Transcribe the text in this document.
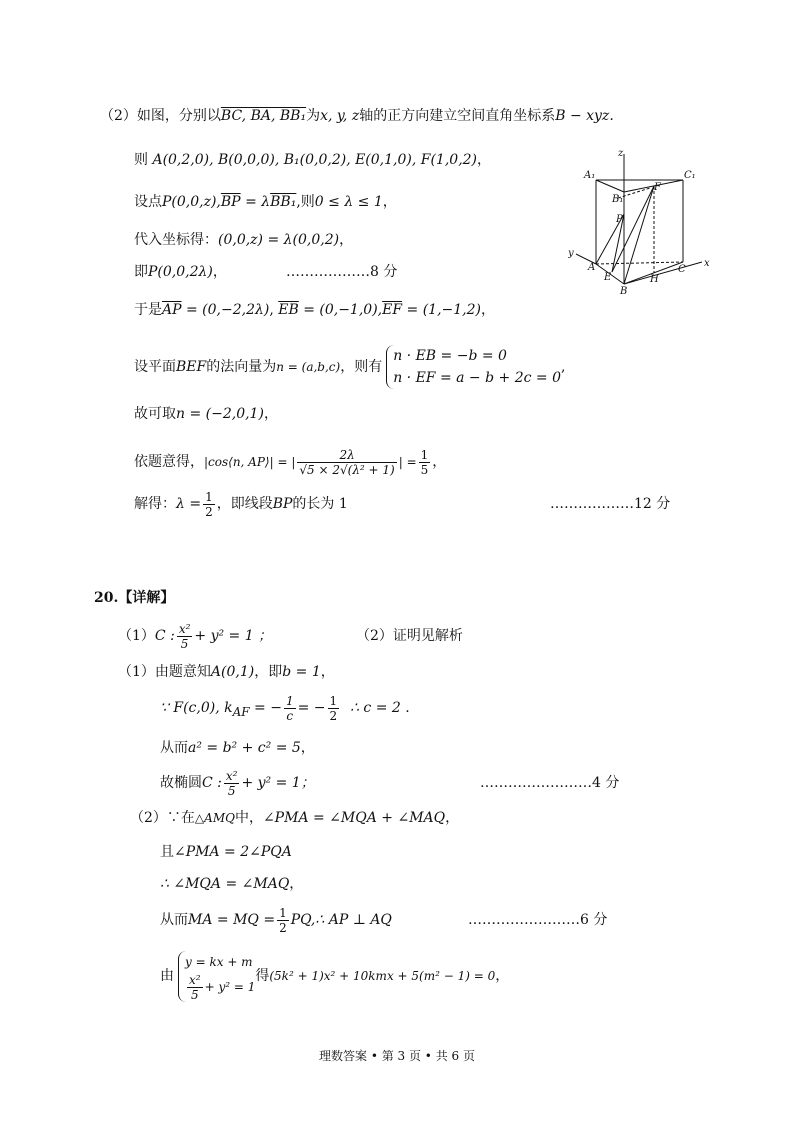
（2）如图，分别以BC, BA, BB₁为x, y, z轴的正方向建立空间直角坐标系B − xyz.
则 A(0,2,0), B(0,0,0), B₁(0,0,2), E(0,1,0), F(1,0,2)，
设点$P(0,0,z),\overline{BP} = \lambda BB_1$,则0 ≤ λ ≤ 1，
代入坐标得：(0,0,z) = λ(0,0,2)，
即P(0,0,2λ)，	………………8 分
于是$\overline{AP} = (0,-2,2\lambda)$, $\overline{EB} = (0,-1,0),\overline{EF} = (1,-1,2)$，
设平面BEF的法向量为n = (a,b,c)，则有
n · EB = −b = 0
n · EF = a − b + 2c = 0
,
故可取n = (−2,0,1)，
依题意得，|cos⟨n, AP⟩| = | $\frac{2\lambda}{\text{√5 × 2√(λ² + 1)}}$ | = $\frac{1}{5}$ ，
解得：$\lambda = \frac{1}{2}$ ，即线段BP的长为 1	………………12 分
A₁
z
C₁
B₁
F
P
y
A
E
B
H
C
x
20.【详解】
（1）C : $\frac{\text{x²}}{5} + y^2 = 1$ ；	（2）证明见解析
（1）由题意知A(0,1)，即b = 1，
∵ F(c,0), $k_{AF}$ = − $\frac{1}{c}$ = − $\frac{1}{2}$ ∴ c = 2 .
从而a² = b² + c² = 5，
故椭圆C : $\frac{\text{x²}}{5} + y^2 = 1$；	……………………4 分
（2）∵在△AMQ中，∠PMA = ∠MQA + ∠MAQ，
且∠PMA = 2∠PQA
∴ ∠MQA = ∠MAQ，
从而MA = MQ = $\frac{1}{2}$ PQ,∴ AP ⊥ AQ	……………………6 分
由
y = kx + m
$\frac{\text{x²}}{5} + y^2 = 1$
得(5k² + 1)x² + 10kmx + 5(m² − 1) = 0，
理数答案 • 第 3 页 • 共 6 页
